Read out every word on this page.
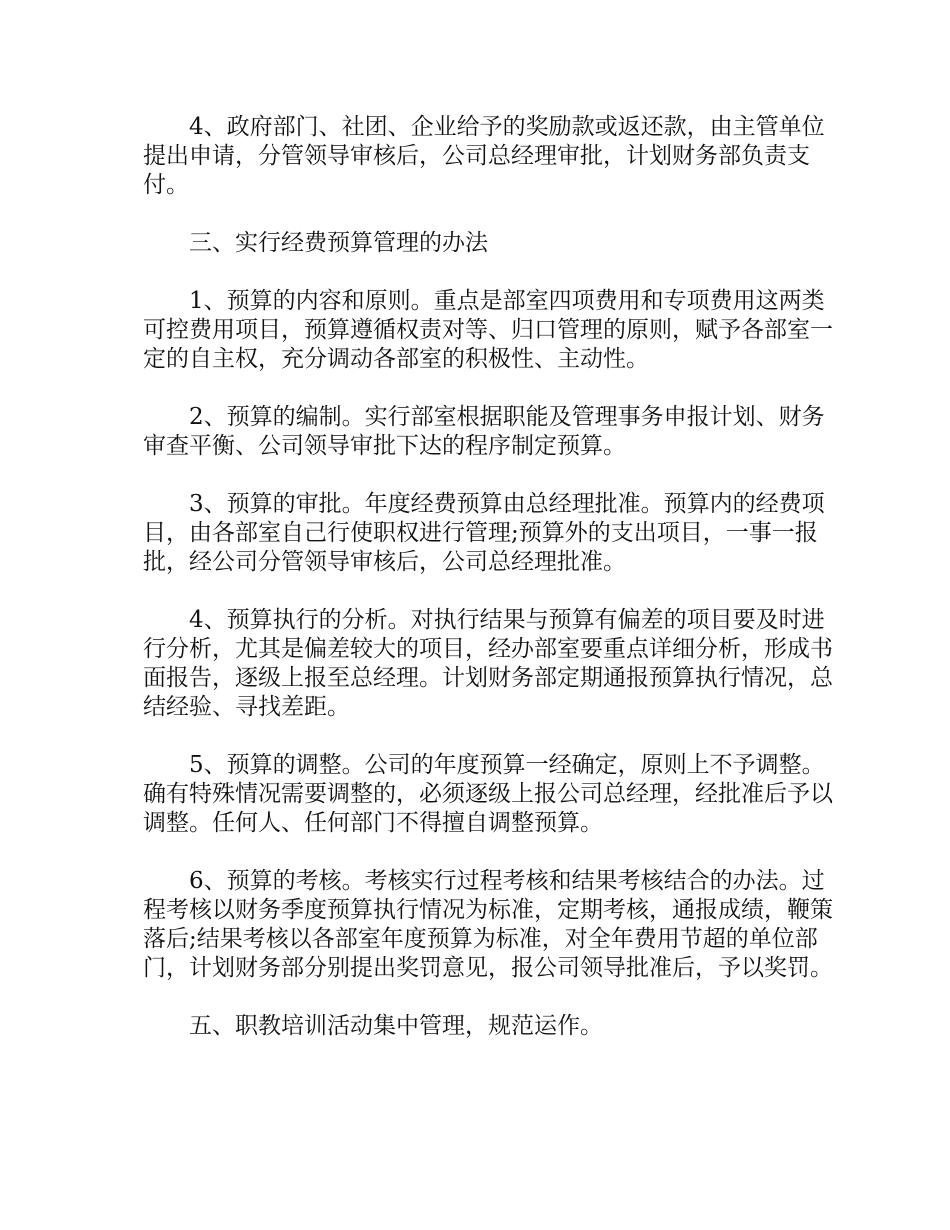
4、政府部门、社团、企业给予的奖励款或返还款，由主管单位提出申请，分管领导审核后，公司总经理审批，计划财务部负责支付。

三、实行经费预算管理的办法

1、预算的内容和原则。重点是部室四项费用和专项费用这两类可控费用项目，预算遵循权责对等、归口管理的原则，赋予各部室一定的自主权，充分调动各部室的积极性、主动性。

2、预算的编制。实行部室根据职能及管理事务申报计划、财务审查平衡、公司领导审批下达的程序制定预算。

3、预算的审批。年度经费预算由总经理批准。预算内的经费项目，由各部室自己行使职权进行管理;预算外的支出项目，一事一报批，经公司分管领导审核后，公司总经理批准。

4、预算执行的分析。对执行结果与预算有偏差的项目要及时进行分析，尤其是偏差较大的项目，经办部室要重点详细分析，形成书面报告，逐级上报至总经理。计划财务部定期通报预算执行情况，总结经验、寻找差距。

5、预算的调整。公司的年度预算一经确定，原则上不予调整。确有特殊情况需要调整的，必须逐级上报公司总经理，经批准后予以调整。任何人、任何部门不得擅自调整预算。

6、预算的考核。考核实行过程考核和结果考核结合的办法。过程考核以财务季度预算执行情况为标准，定期考核，通报成绩，鞭策落后;结果考核以各部室年度预算为标准，对全年费用节超的单位部门，计划财务部分别提出奖罚意见，报公司领导批准后，予以奖罚。

五、职教培训活动集中管理，规范运作。
